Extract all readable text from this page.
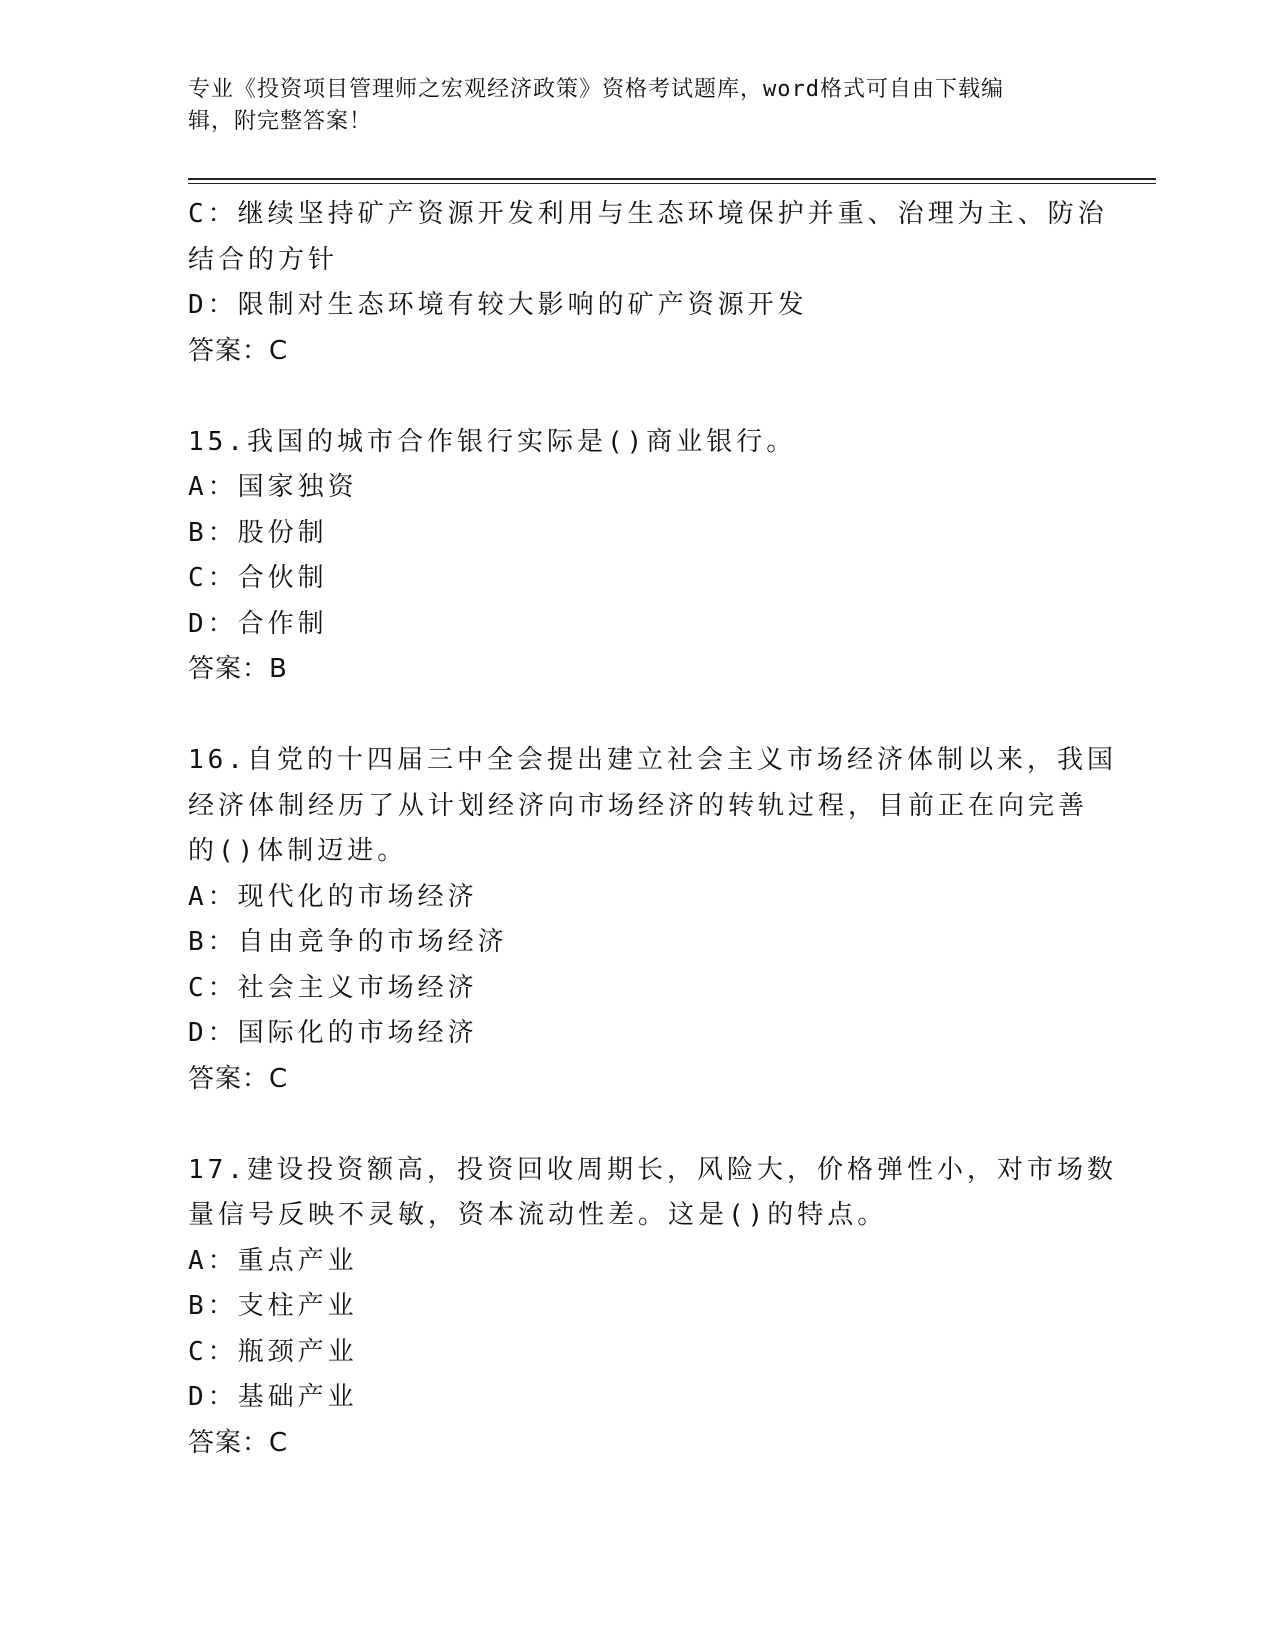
专业《投资项目管理师之宏观经济政策》资格考试题库，word格式可自由下载编
辑，附完整答案！
C：继续坚持矿产资源开发利用与生态环境保护并重、治理为主、防治
结合的方针
D：限制对生态环境有较大影响的矿产资源开发
答案：C
15.我国的城市合作银行实际是()商业银行。
A：国家独资
B：股份制
C：合伙制
D：合作制
答案：B
16.自党的十四届三中全会提出建立社会主义市场经济体制以来，我国
经济体制经历了从计划经济向市场经济的转轨过程，目前正在向完善
的()体制迈进。
A：现代化的市场经济
B：自由竞争的市场经济
C：社会主义市场经济
D：国际化的市场经济
答案：C
17.建设投资额高，投资回收周期长，风险大，价格弹性小，对市场数
量信号反映不灵敏，资本流动性差。这是()的特点。
A：重点产业
B：支柱产业
C：瓶颈产业
D：基础产业
答案：C
